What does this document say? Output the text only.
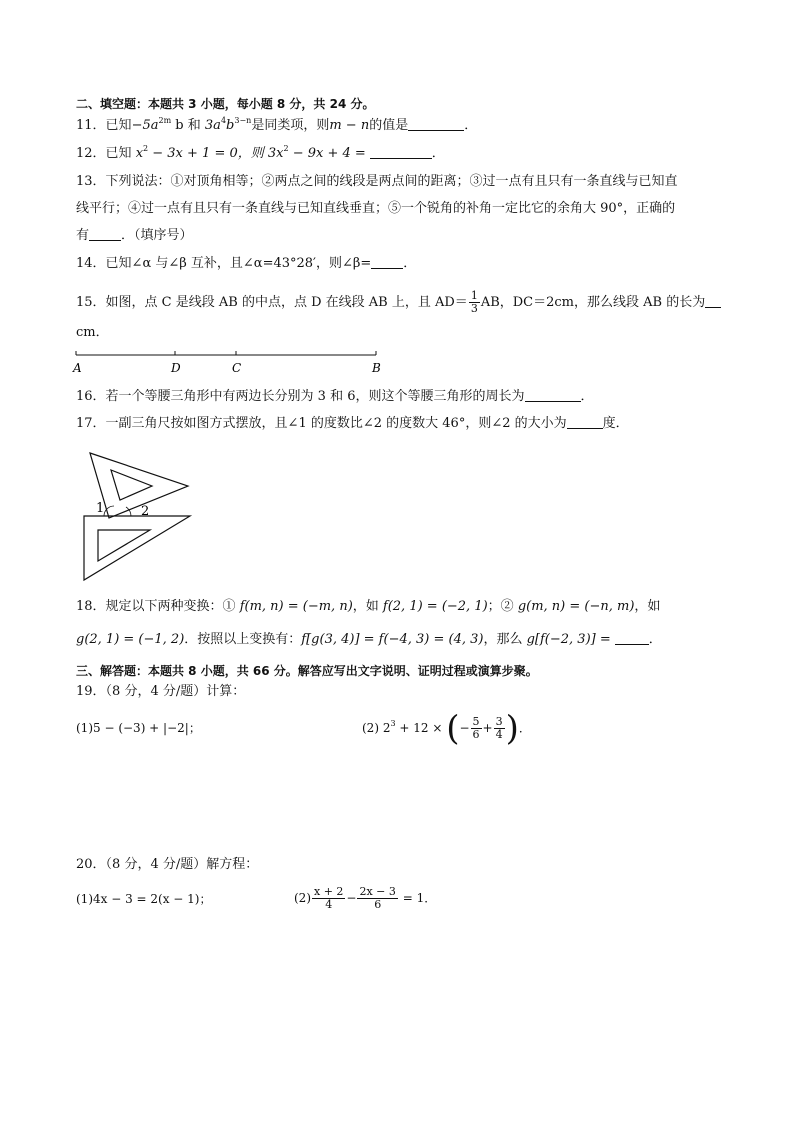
二、填空题：本题共 3 小题，每小题 8 分，共 24 分。
11．已知$-5a^{2m}$ b 和 $3a^4b^{3-n}$是同类项，则m − n的值是	．
12．已知 $x^2 - 3x + 1 = 0$，则 $3x^2 - 9x + 4$ =	．
13．下列说法：①对顶角相等；②两点之间的线段是两点间的距离；③过一点有且只有一条直线与已知直
线平行；④过一点有且只有一条直线与已知直线垂直；⑤一个锐角的补角一定比它的余角大 90°，正确的
有 ．（填序号）
14．已知∠α 与∠β 互补，且∠α=43°28′，则∠β= ．
15．如图，点 C 是线段 AB 的中点，点 D 在线段 AB 上，且 $AD= \frac{1}{3}$ AB，DC＝2cm，那么线段 AB 的长为
cm．
A	D	C	B
16．若一个等腰三角形中有两边长分别为 3 和 6，则这个等腰三角形的周长为	．
17．一副三角尺按如图方式摆放，且∠1 的度数比∠2 的度数大 46°，则∠2 的大小为	度．
1	2
18．规定以下两种变换：① f(m, n) = (−m, n)，如 f(2, 1) = (−2, 1)；② g(m, n) = (−n, m)，如
g(2, 1) = (−1, 2)．按照以上变换有：f[g(3, 4)] = f(−4, 3) = (4, 3)，那么 g[f(−2, 3)] =	．
三、解答题：本题共 8 小题，共 66 分。解答应写出文字说明、证明过程或演算步聚。
19．（8 分，4 分/题）计算：
(1)5 − (−3) + |−2|；	(2) $2^3 + 12$ × (− $\frac{5}{6} + \frac{3}{4}$ )．
20．（8 分，4 分/题）解方程：
(1)4x − 3 = 2(x − 1)；	$(2) \frac{x + 2}{4} - \frac{2x - 3}{6} = 1$．
